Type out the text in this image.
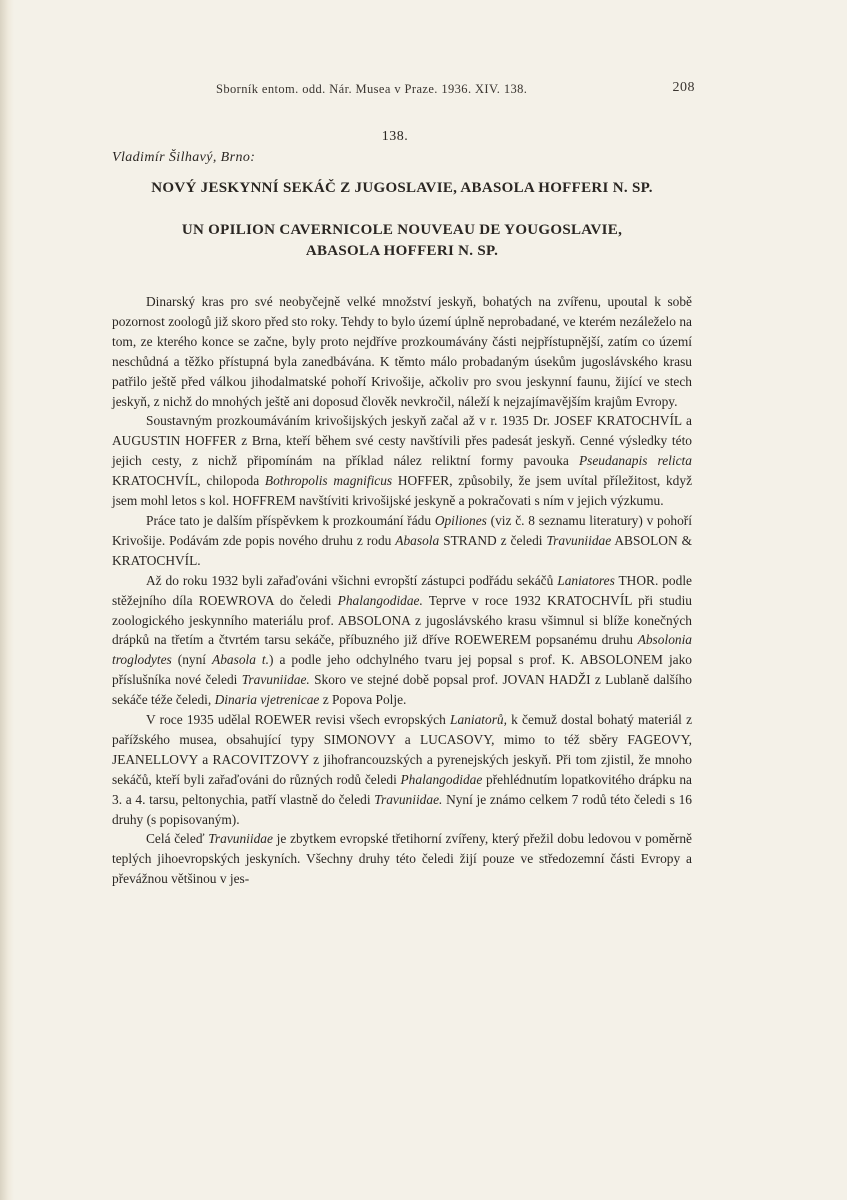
Sborník entom. odd. Nár. Musea v Praze. 1936. XIV. 138.	208
138.
Vladimír Šilhavý, Brno:
NOVÝ JESKYNNÍ SEKÁČ Z JUGOSLAVIE, ABASOLA HOFFERI N. SP.
UN OPILION CAVERNICOLE NOUVEAU DE YOUGOSLAVIE,
ABASOLA HOFFERI N. SP.

Dinarský kras pro své neobyčejně velké množství jeskyň, bohatých na zvířenu, upoutal k sobě pozornost zoologů již skoro před sto roky. Tehdy to bylo území úplně neprobadané, ve kterém nezáleželo na tom, ze kterého konce se začne, byly proto nejdříve prozkoumávány části nejpřístupnější, zatím co území neschůdná a těžko přístupná byla zanedbávána. K těmto málo probadaným úsekům jugoslávského krasu patřilo ještě před válkou jihodalmatské pohoří Krivošije, ačkoliv pro svou jeskynní faunu, žijící ve stech jeskyň, z nichž do mnohých ještě ani doposud člověk nevkročil, náleží k nejzajímavějším krajům Evropy.

Soustavným prozkoumáváním krivošijských jeskyň začal až v r. 1935 Dr. JOSEF KRATOCHVÍL a AUGUSTIN HOFFER z Brna, kteří během své cesty navštívili přes padesát jeskyň. Cenné výsledky této jejich cesty, z nichž připomínám na příklad nález reliktní formy pavouka Pseudanapis relicta KRATOCHVÍL, chilopoda Bothropolis magnificus HOFFER, způsobily, že jsem uvítal příležitost, když jsem mohl letos s kol. HOFFREM navštíviti krivošijské jeskyně a pokračovati s ním v jejich výzkumu.

Práce tato je dalším příspěvkem k prozkoumání řádu Opiliones (viz č. 8 seznamu literatury) v pohoří Krivošije. Podávám zde popis nového druhu z rodu Abasola STRAND z čeledi Travuniidae ABSOLON & KRATOCHVÍL.

Až do roku 1932 byli zařaďováni všichni evropští zástupci podřádu sekáčů Laniatores THOR. podle stěžejního díla ROEWROVA do čeledi Phalangodidae. Teprve v roce 1932 KRATOCHVÍL při studiu zoologického jeskynního materiálu prof. ABSOLONA z jugoslávského krasu všimnul si blíže konečných drápků na třetím a čtvrtém tarsu sekáče, příbuzného již dříve ROEWEREM popsanému druhu Absolonia troglodytes (nyní Abasola t.) a podle jeho odchylného tvaru jej popsal s prof. K. ABSOLONEM jako příslušníka nové čeledi Travuniidae. Skoro ve stejné době popsal prof. JOVAN HADŽI z Lublaně dalšího sekáče téže čeledi, Dinaria vjetrenicae z Popova Polje.

V roce 1935 udělal ROEWER revisi všech evropských Laniatorů, k čemuž dostal bohatý materiál z pařížského musea, obsahující typy SIMONOVY a LUCASOVY, mimo to též sběry FAGEOVY, JEANELLOVY a RACOVITZOVY z jihofrancouzských a pyrenejských jeskyň. Při tom zjistil, že mnoho sekáčů, kteří byli zařaďováni do různých rodů čeledi Phalangodidae přehlédnutím lopatkovitého drápku na 3. a 4. tarsu, peltonychia, patří vlastně do čeledi Travuniidae. Nyní je známo celkem 7 rodů této čeledi s 16 druhy (s popisovaným).

Celá čeleď Travuniidae je zbytkem evropské třetihorní zvířeny, který přežil dobu ledovou v poměrně teplých jihoevropských jeskyních. Všechny druhy této čeledi žijí pouze ve středozemní části Evropy a převážnou většinou v jes-
